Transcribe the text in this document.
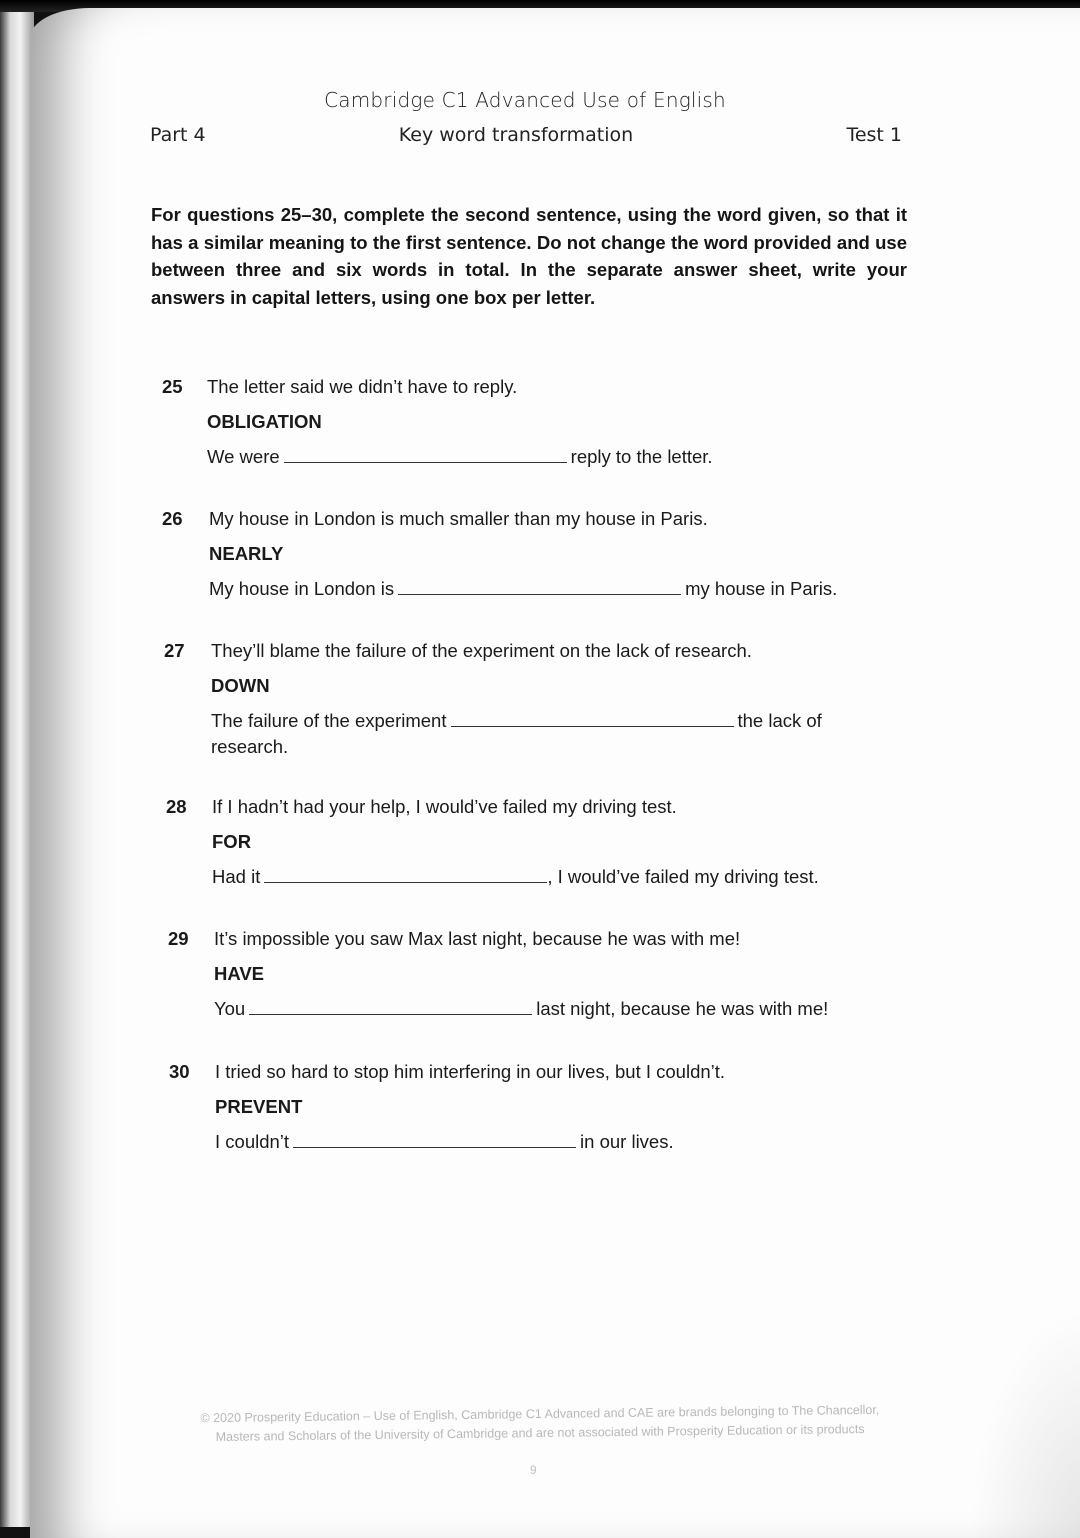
Cambridge C1 Advanced Use of English
Part 4	Key word transformation	Test 1
For questions 25–30, complete the second sentence, using the word given, so that it has a similar meaning to the first sentence. Do not change the word provided and use between three and six words in total. In the separate answer sheet, write your answers in capital letters, using one box per letter.
25	The letter said we didn’t have to reply.
OBLIGATION
We were	reply to the letter.
26	My house in London is much smaller than my house in Paris.
NEARLY
My house in London is	my house in Paris.
27	They’ll blame the failure of the experiment on the lack of research.
DOWN
The failure of the experiment	the lack of research.
28	If I hadn’t had your help, I would’ve failed my driving test.
FOR
Had it	, I would’ve failed my driving test.
29	It’s impossible you saw Max last night, because he was with me!
HAVE
You	last night, because he was with me!
30	I tried so hard to stop him interfering in our lives, but I couldn’t.
PREVENT
I couldn’t	in our lives.
© 2020 Prosperity Education – Use of English, Cambridge C1 Advanced and CAE are brands belonging to The Chancellor,
Masters and Scholars of the University of Cambridge and are not associated with Prosperity Education or its products
9
